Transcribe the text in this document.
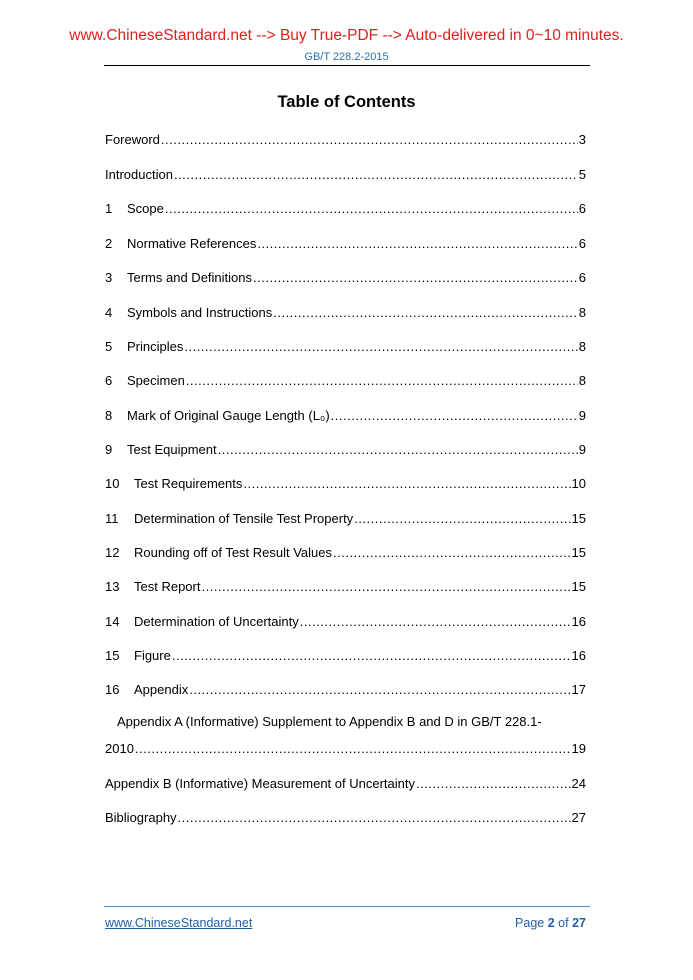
www.ChineseStandard.net --> Buy True-PDF --> Auto-delivered in 0~10 minutes.
GB/T 228.2-2015
Table of Contents
Foreword .....	3
Introduction .....	5
1	Scope .....	6
2	Normative References .....	6
3	Terms and Definitions .....	6
4	Symbols and Instructions .....	8
5	Principles .....	8
6	Specimen .....	8
8	Mark of Original Gauge Length (L₀) .....	9
9	Test Equipment .....	9
10	Test Requirements .....	10
11	Determination of Tensile Test Property .....	15
12	Rounding off of Test Result Values .....	15
13	Test Report .....	15
14	Determination of Uncertainty .....	16
15	Figure .....	16
16	Appendix .....	17
Appendix A (Informative) Supplement to Appendix B and D in GB/T 228.1-
2010 .....	19
Appendix B (Informative) Measurement of Uncertainty .....	24
Bibliography .....	27
www.ChineseStandard.net	Page 2 of 27
